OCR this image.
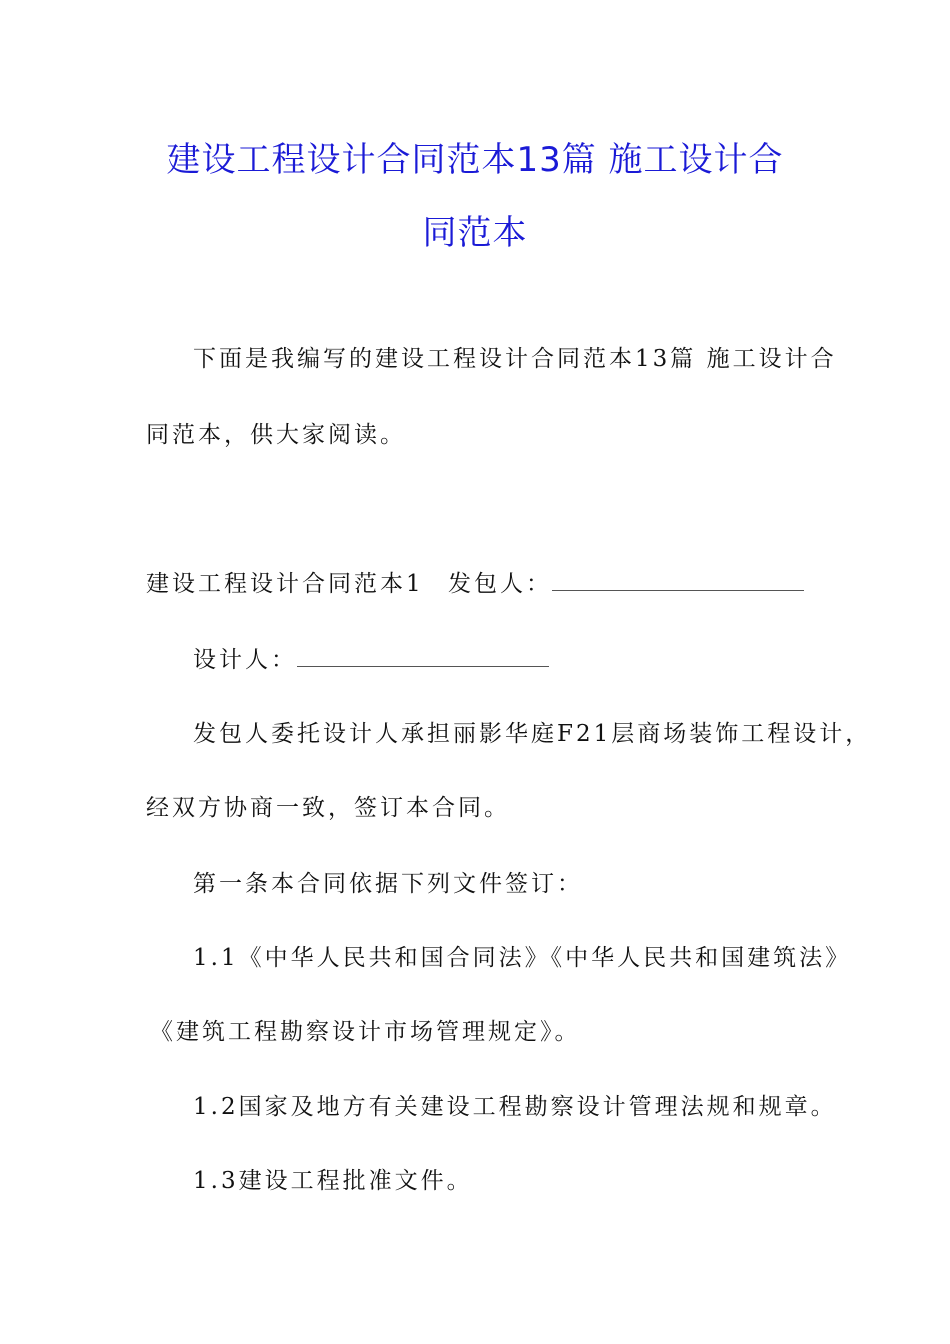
建设工程设计合同范本13篇 施工设计合
同范本
下面是我编写的建设工程设计合同范本13篇 施工设计合
同范本，供大家阅读。
建设工程设计合同范本1 发包人：
设计人：
发包人委托设计人承担丽影华庭F21层商场装饰工程设计，
经双方协商一致，签订本合同。
第一条本合同依据下列文件签订：
1.1《中华人民共和国合同法》《中华人民共和国建筑法》
《建筑工程勘察设计市场管理规定》。
1.2国家及地方有关建设工程勘察设计管理法规和规章。
1.3建设工程批准文件。
